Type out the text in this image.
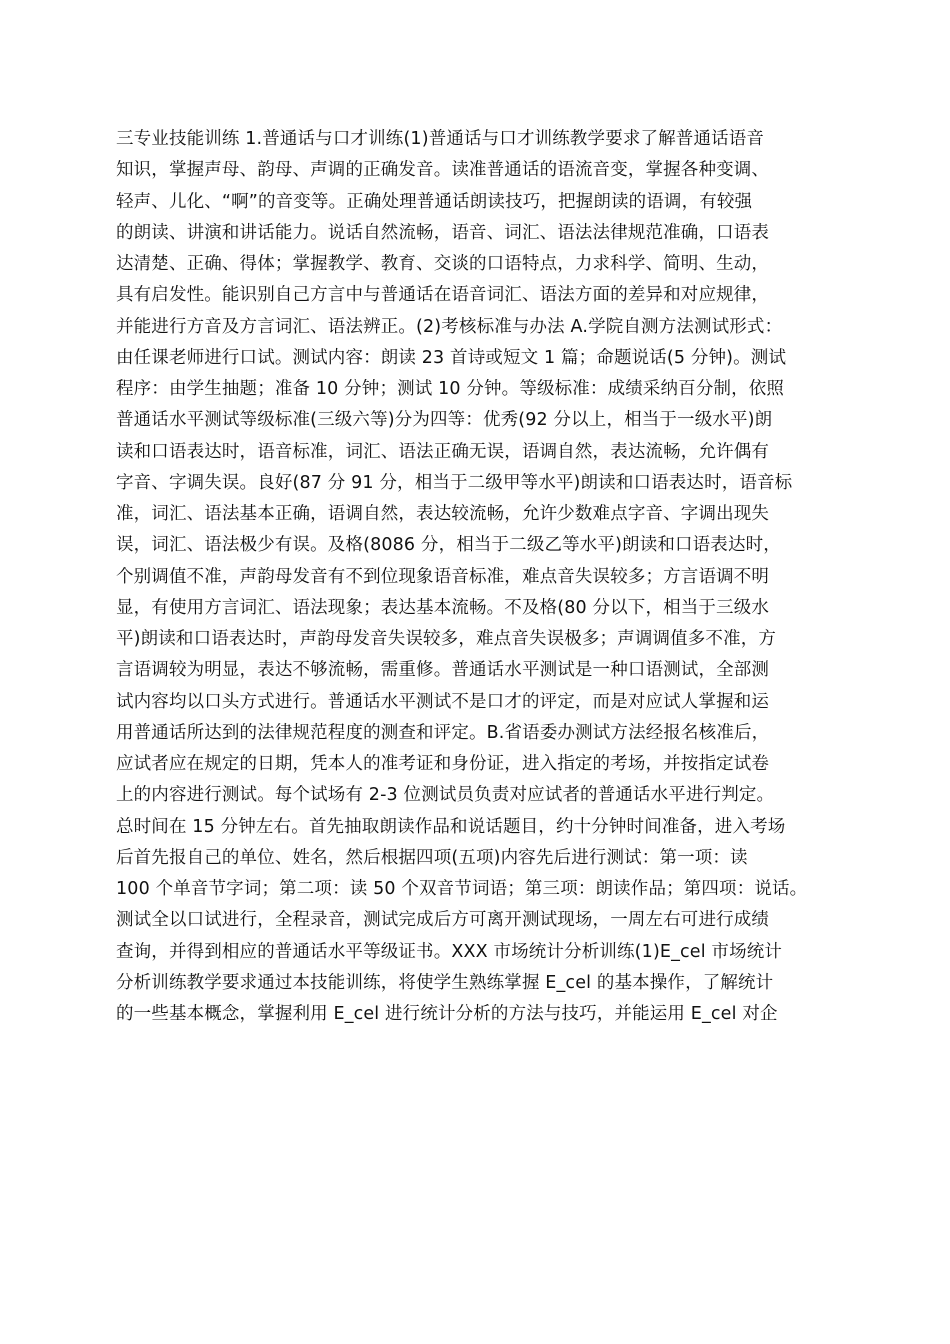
三专业技能训练 1.普通话与口才训练(1)普通话与口才训练教学要求了解普通话语音
知识，掌握声母、韵母、声调的正确发音。读准普通话的语流音变，掌握各种变调、
轻声、儿化、“啊”的音变等。正确处理普通话朗读技巧，把握朗读的语调，有较强
的朗读、讲演和讲话能力。说话自然流畅，语音、词汇、语法法律规范准确，口语表
达清楚、正确、得体；掌握教学、教育、交谈的口语特点，力求科学、简明、生动，
具有启发性。能识别自己方言中与普通话在语音词汇、语法方面的差异和对应规律，
并能进行方音及方言词汇、语法辨正。(2)考核标准与办法 A.学院自测方法测试形式：
由任课老师进行口试。测试内容：朗读 23 首诗或短文 1 篇；命题说话(5 分钟)。测试
程序：由学生抽题；准备 10 分钟；测试 10 分钟。等级标准：成绩采纳百分制，依照
普通话水平测试等级标准(三级六等)分为四等：优秀(92 分以上，相当于一级水平)朗
读和口语表达时，语音标准，词汇、语法正确无误，语调自然，表达流畅，允许偶有
字音、字调失误。良好(87 分 91 分，相当于二级甲等水平)朗读和口语表达时，语音标
准，词汇、语法基本正确，语调自然，表达较流畅，允许少数难点字音、字调出现失
误，词汇、语法极少有误。及格(8086 分，相当于二级乙等水平)朗读和口语表达时，
个别调值不准，声韵母发音有不到位现象语音标准，难点音失误较多；方言语调不明
显，有使用方言词汇、语法现象；表达基本流畅。不及格(80 分以下，相当于三级水
平)朗读和口语表达时，声韵母发音失误较多，难点音失误极多；声调调值多不准，方
言语调较为明显，表达不够流畅，需重修。普通话水平测试是一种口语测试，全部测
试内容均以口头方式进行。普通话水平测试不是口才的评定，而是对应试人掌握和运
用普通话所达到的法律规范程度的测查和评定。B.省语委办测试方法经报名核准后，
应试者应在规定的日期，凭本人的准考证和身份证，进入指定的考场，并按指定试卷
上的内容进行测试。每个试场有 2-3 位测试员负责对应试者的普通话水平进行判定。
总时间在 15 分钟左右。首先抽取朗读作品和说话题目，约十分钟时间准备，进入考场
后首先报自己的单位、姓名，然后根据四项(五项)内容先后进行测试：第一项：读
100 个单音节字词；第二项：读 50 个双音节词语；第三项：朗读作品；第四项：说话。
测试全以口试进行，全程录音，测试完成后方可离开测试现场，一周左右可进行成绩
查询，并得到相应的普通话水平等级证书。XXX 市场统计分析训练(1)E_cel 市场统计
分析训练教学要求通过本技能训练，将使学生熟练掌握 E_cel 的基本操作，了解统计
的一些基本概念，掌握利用 E_cel 进行统计分析的方法与技巧，并能运用 E_cel 对企
